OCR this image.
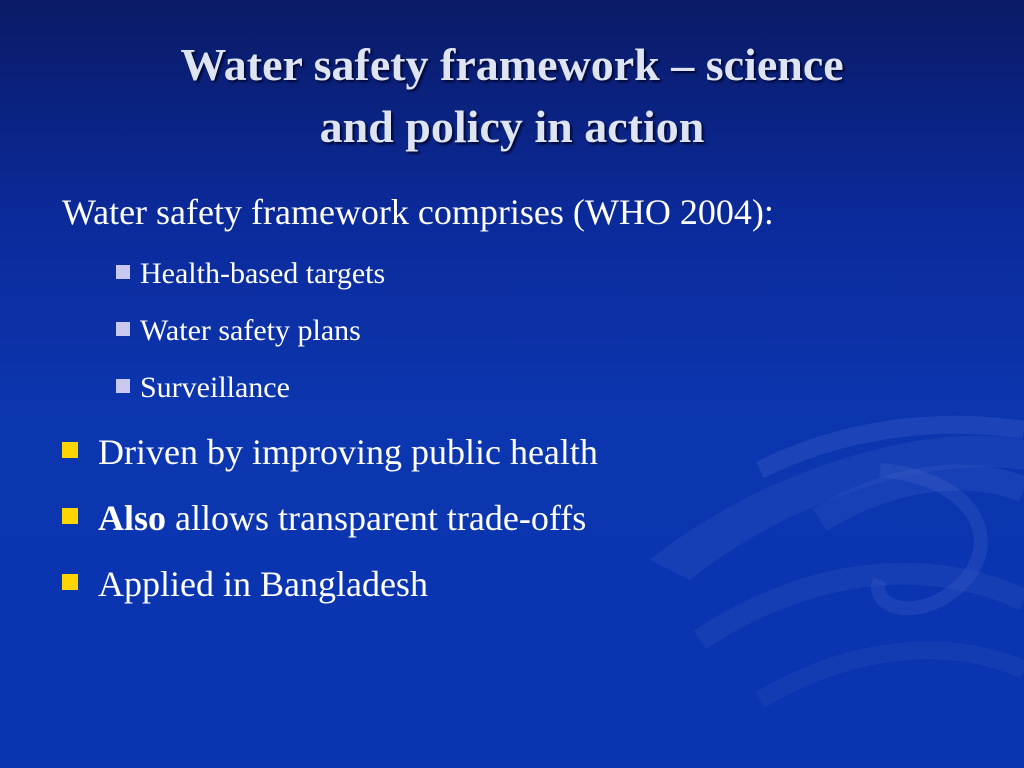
Water safety framework – science
and policy in action
Water safety framework comprises (WHO 2004):
Health-based targets
Water safety plans
Surveillance
Driven by improving public health
Also allows transparent trade-offs
Applied in Bangladesh
